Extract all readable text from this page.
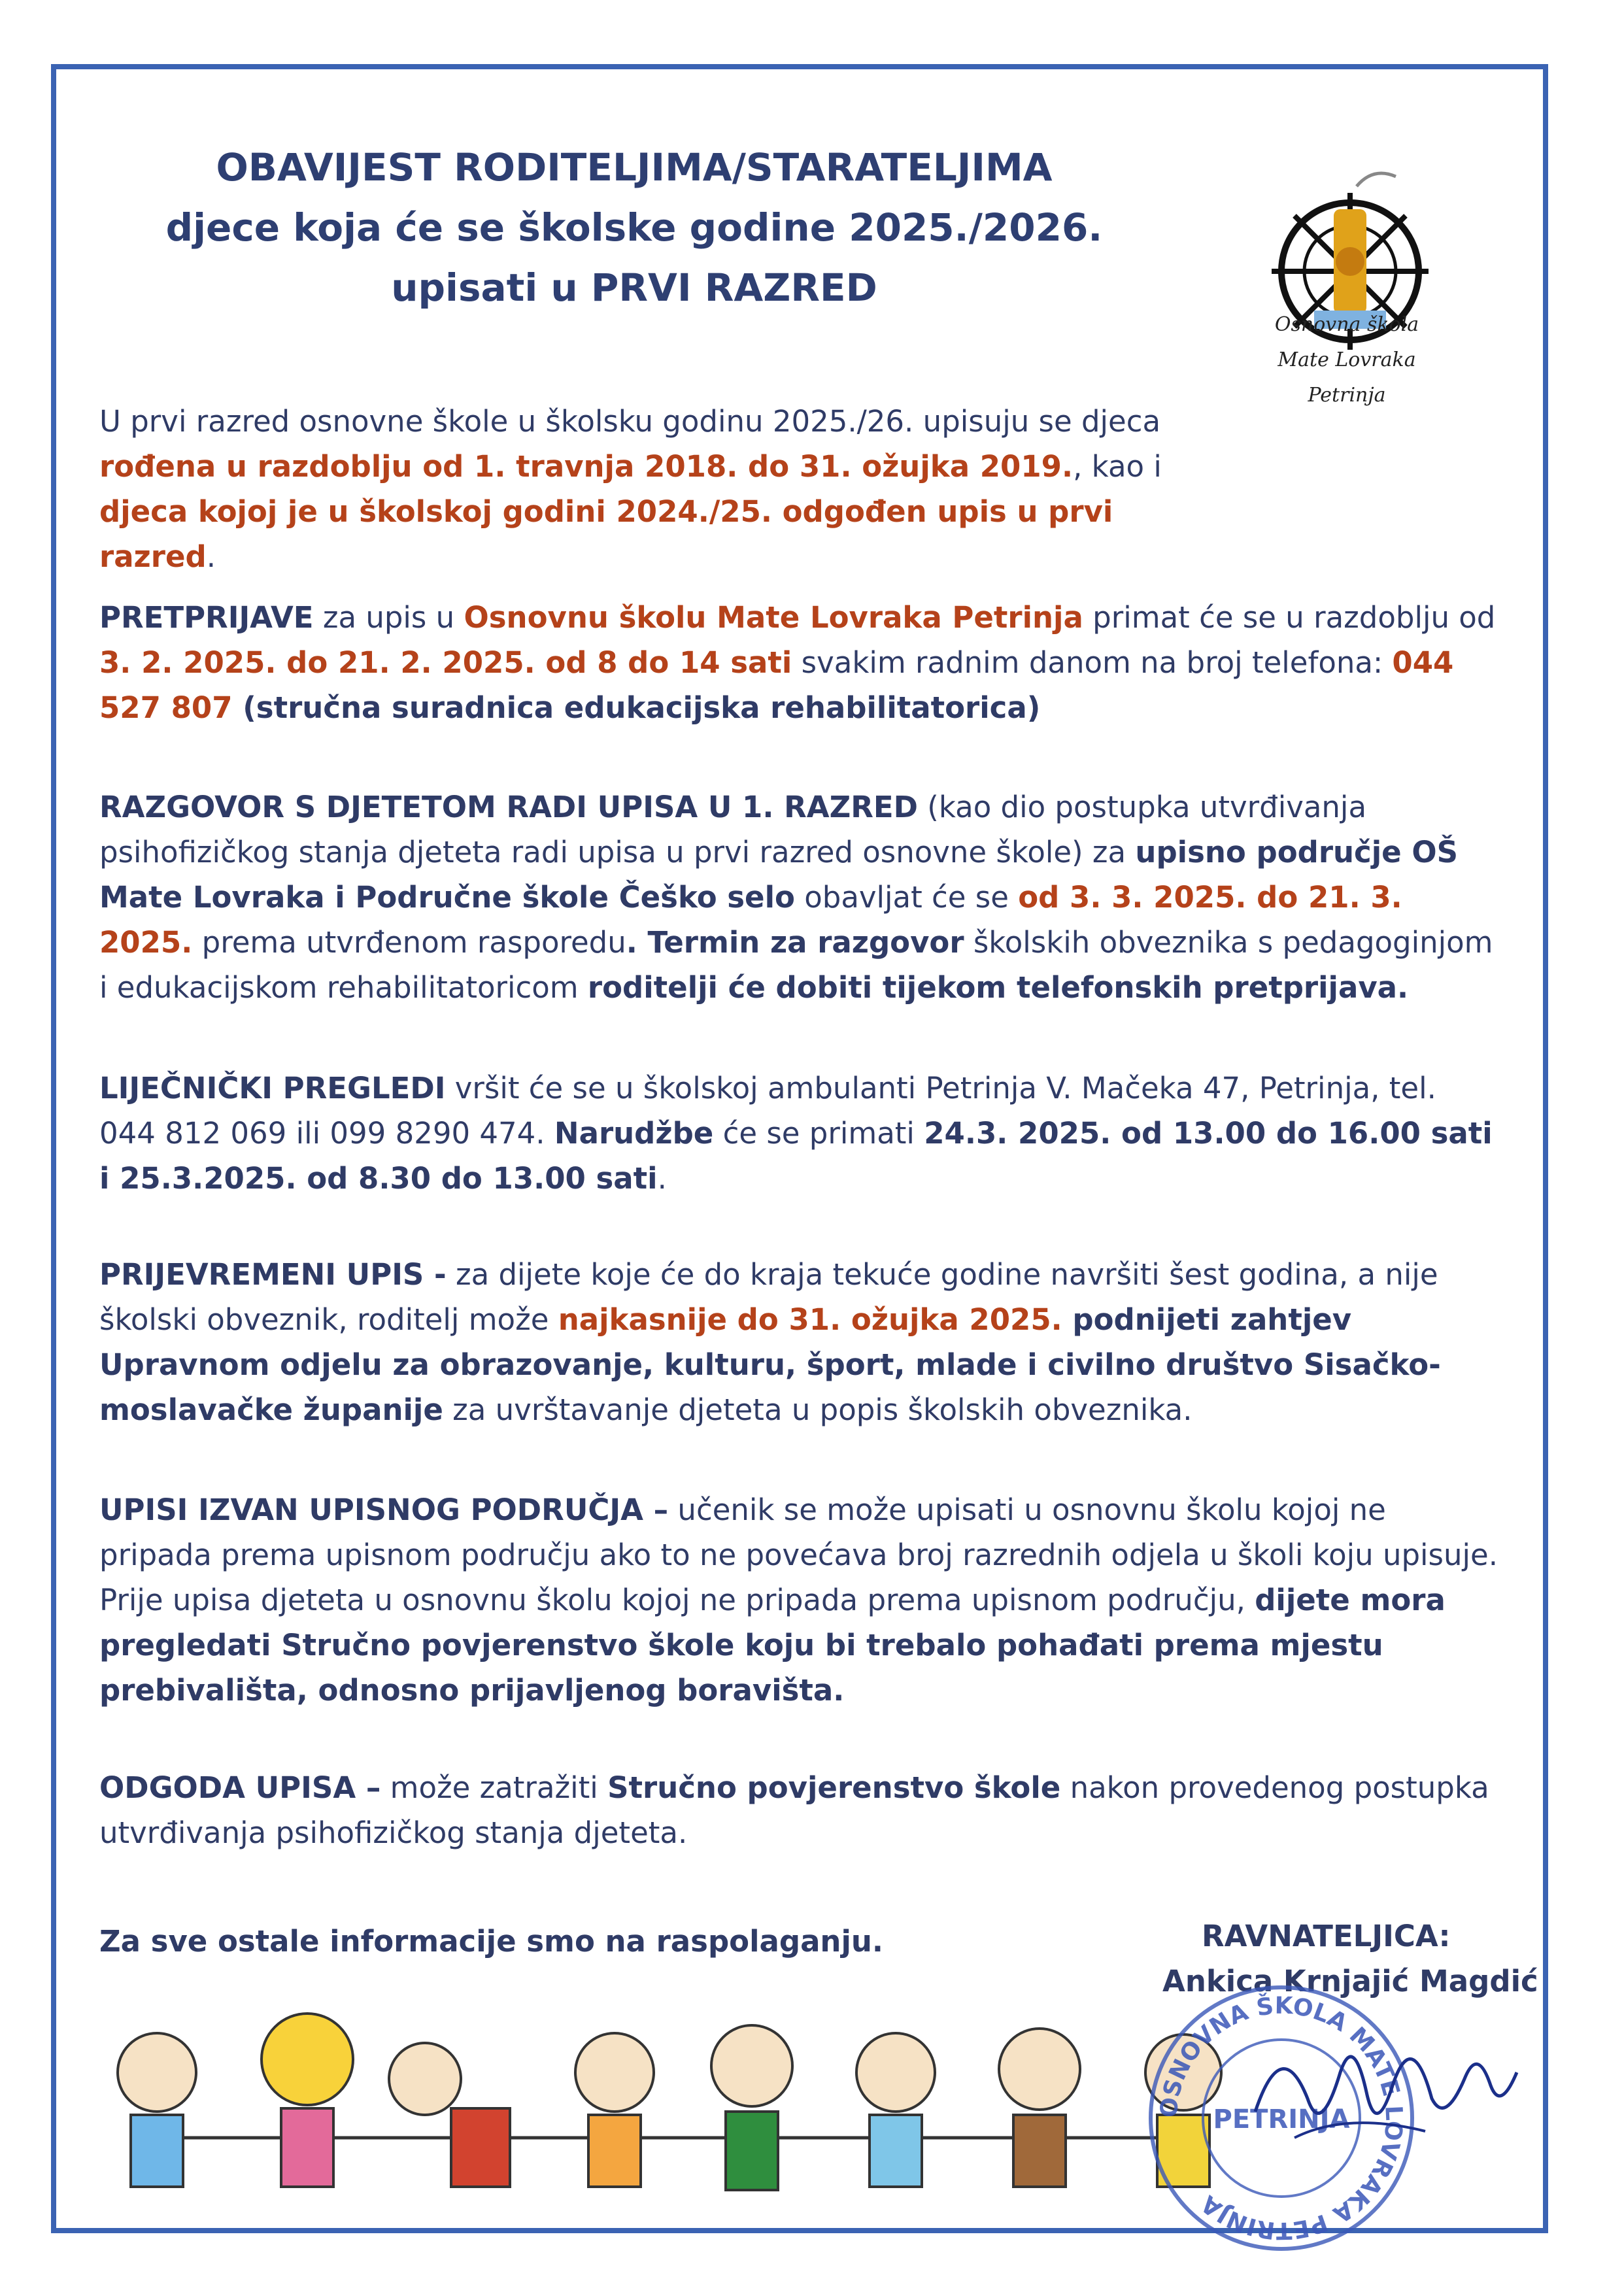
OBAVIJEST RODITELJIMA/STARATELJIMA
djece koja će se školske godine 2025./2026.
upisati u PRVI RAZRED
Osnovna škola
Mate Lovraka
Petrinja

U prvi razred osnovne škole u školsku godinu 2025./26. upisuju se djeca rođena u razdoblju od 1. travnja 2018. do 31. ožujka 2019., kao i djeca kojoj je u školskoj godini 2024./25. odgođen upis u prvi razred.

PRETPRIJAVE za upis u Osnovnu školu Mate Lovraka Petrinja primat će se u razdoblju od 3. 2. 2025. do 21. 2. 2025. od 8 do 14 sati svakim radnim danom na broj telefona: 044 527 807 (stručna suradnica edukacijska rehabilitatorica)

RAZGOVOR S DJETETOM RADI UPISA U 1. RAZRED (kao dio postupka utvrđivanja psihofizičkog stanja djeteta radi upisa u prvi razred osnovne škole) za upisno područje OŠ Mate Lovraka i Područne škole Češko selo obavljat će se od 3. 3. 2025. do 21. 3. 2025. prema utvrđenom rasporedu. Termin za razgovor školskih obveznika s pedagoginjom i edukacijskom rehabilitatoricom roditelji će dobiti tijekom telefonskih pretprijava.

LIJEČNIČKI PREGLEDI vršit će se u školskoj ambulanti Petrinja V. Mačeka 47, Petrinja, tel. 044 812 069 ili 099 8290 474. Narudžbe će se primati 24.3. 2025. od 13.00 do 16.00 sati i 25.3.2025. od 8.30 do 13.00 sati.

PRIJEVREMENI UPIS - za dijete koje će do kraja tekuće godine navršiti šest godina, a nije školski obveznik, roditelj može najkasnije do 31. ožujka 2025. podnijeti zahtjev Upravnom odjelu za obrazovanje, kulturu, šport, mlade i civilno društvo Sisačko-moslavačke županije za uvrštavanje djeteta u popis školskih obveznika.

UPISI IZVAN UPISNOG PODRUČJA – učenik se može upisati u osnovnu školu kojoj ne pripada prema upisnom području ako to ne povećava broj razrednih odjela u školi koju upisuje. Prije upisa djeteta u osnovnu školu kojoj ne pripada prema upisnom području, dijete mora pregledati Stručno povjerenstvo škole koju bi trebalo pohađati prema mjestu prebivališta, odnosno prijavljenog boravišta.

ODGODA UPISA – može zatražiti Stručno povjerenstvo škole nakon provedenog postupka utvrđivanja psihofizičkog stanja djeteta.

Za sve ostale informacije smo na raspolaganju.	RAVNATELJICA:
Ankica Krnjajić Magdić
OSNOVNA ŠKOLA MATE LOVRAKA PETRINJA
PETRINJA
